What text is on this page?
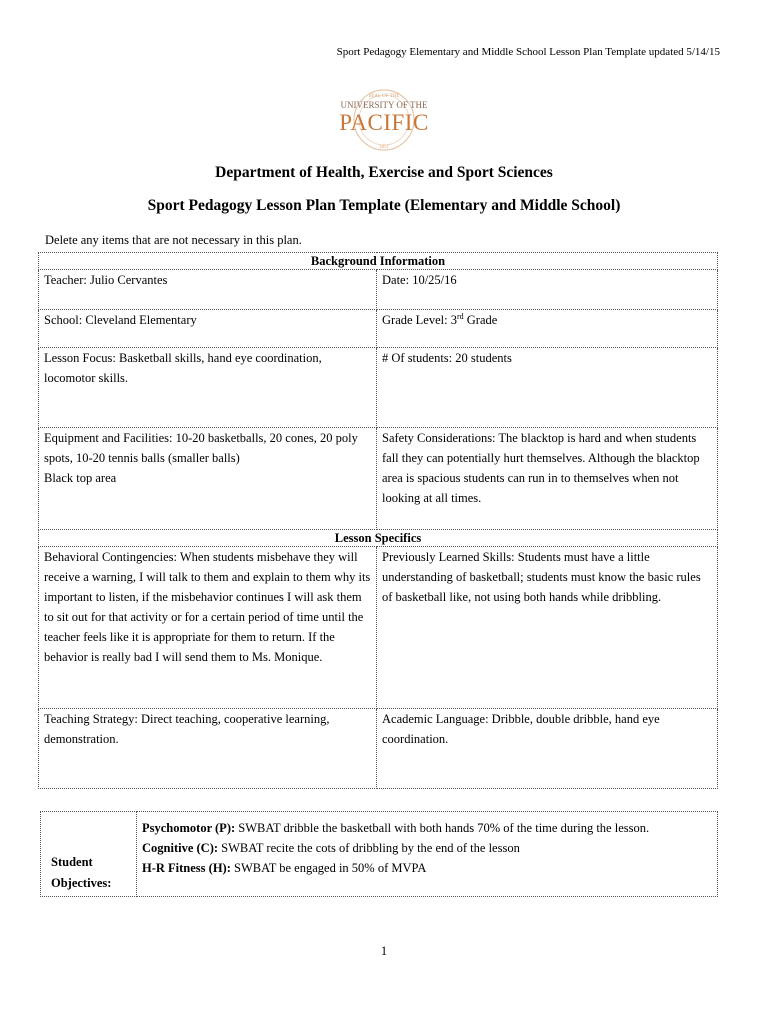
Sport Pedagogy Elementary and Middle School Lesson Plan Template updated 5/14/15
SEAL OF THE
1851
UNIVERSITY OF THE
PACIFIC
Department of Health, Exercise and Sport Sciences
Sport Pedagogy Lesson Plan Template (Elementary and Middle School)
Delete any items that are not necessary in this plan.
Background Information	
Teacher: Julio Cervantes	Date: 10/25/16
School: Cleveland Elementary	Grade Level: 3rd Grade
Lesson Focus: Basketball skills, hand eye coordination, locomotor skills.	# Of students: 20 students

Equipment and Facilities: 10-20 basketballs, 20 cones, 20 poly spots, 10-20 tennis balls (smaller balls)
Black top area	Safety Considerations: The blacktop is hard and when students fall they can potentially hurt themselves. Although the blacktop area is spacious students can run in to themselves when not looking at all times.
Lesson Specifics	
Behavioral Contingencies: When students misbehave they will receive a warning, I will talk to them and explain to them why its important to listen, if the misbehavior continues I will ask them to sit out for that activity or for a certain period of time until the teacher feels like it is appropriate for them to return. If the behavior is really bad I will send them to Ms. Monique.	Previously Learned Skills: Students must have a little understanding of basketball; students must know the basic rules of basketball like, not using both hands while dribbling.
Teaching Strategy: Direct teaching, cooperative learning, demonstration.	Academic Language: Dribble, double dribble, hand eye coordination.
Student
Objectives:

Psychomotor (P): SWBAT dribble the basketball with both hands 70% of the time during the lesson.
Cognitive (C): SWBAT recite the cots of dribbling by the end of the lesson
H-R Fitness (H): SWBAT be engaged in 50% of MVPA
1
